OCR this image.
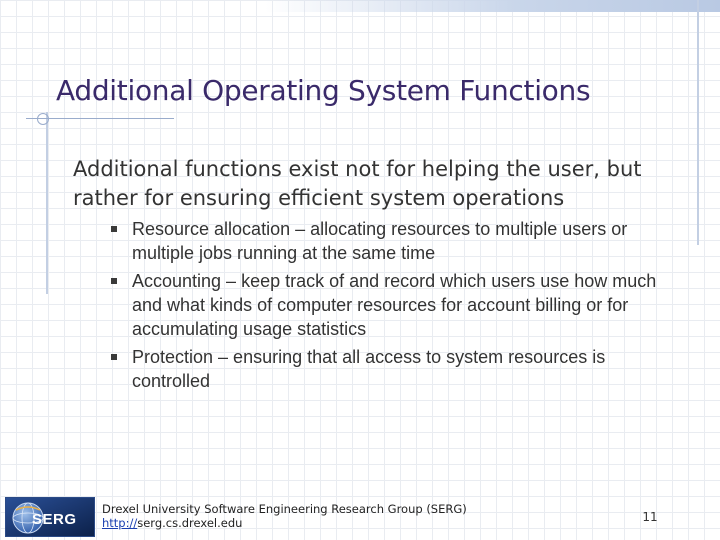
Additional Operating System Functions

Additional functions exist not for helping the user, but rather for ensuring efficient system operations

Resource allocation – allocating resources to multiple users or multiple jobs running at the same time
Accounting – keep track of and record which users use how much and what kinds of computer resources for account billing or for accumulating usage statistics
Protection – ensuring that all access to system resources is controlled
SERG

Drexel University Software Engineering Research Group (SERG)

http://serg.cs.drexel.edu	11
